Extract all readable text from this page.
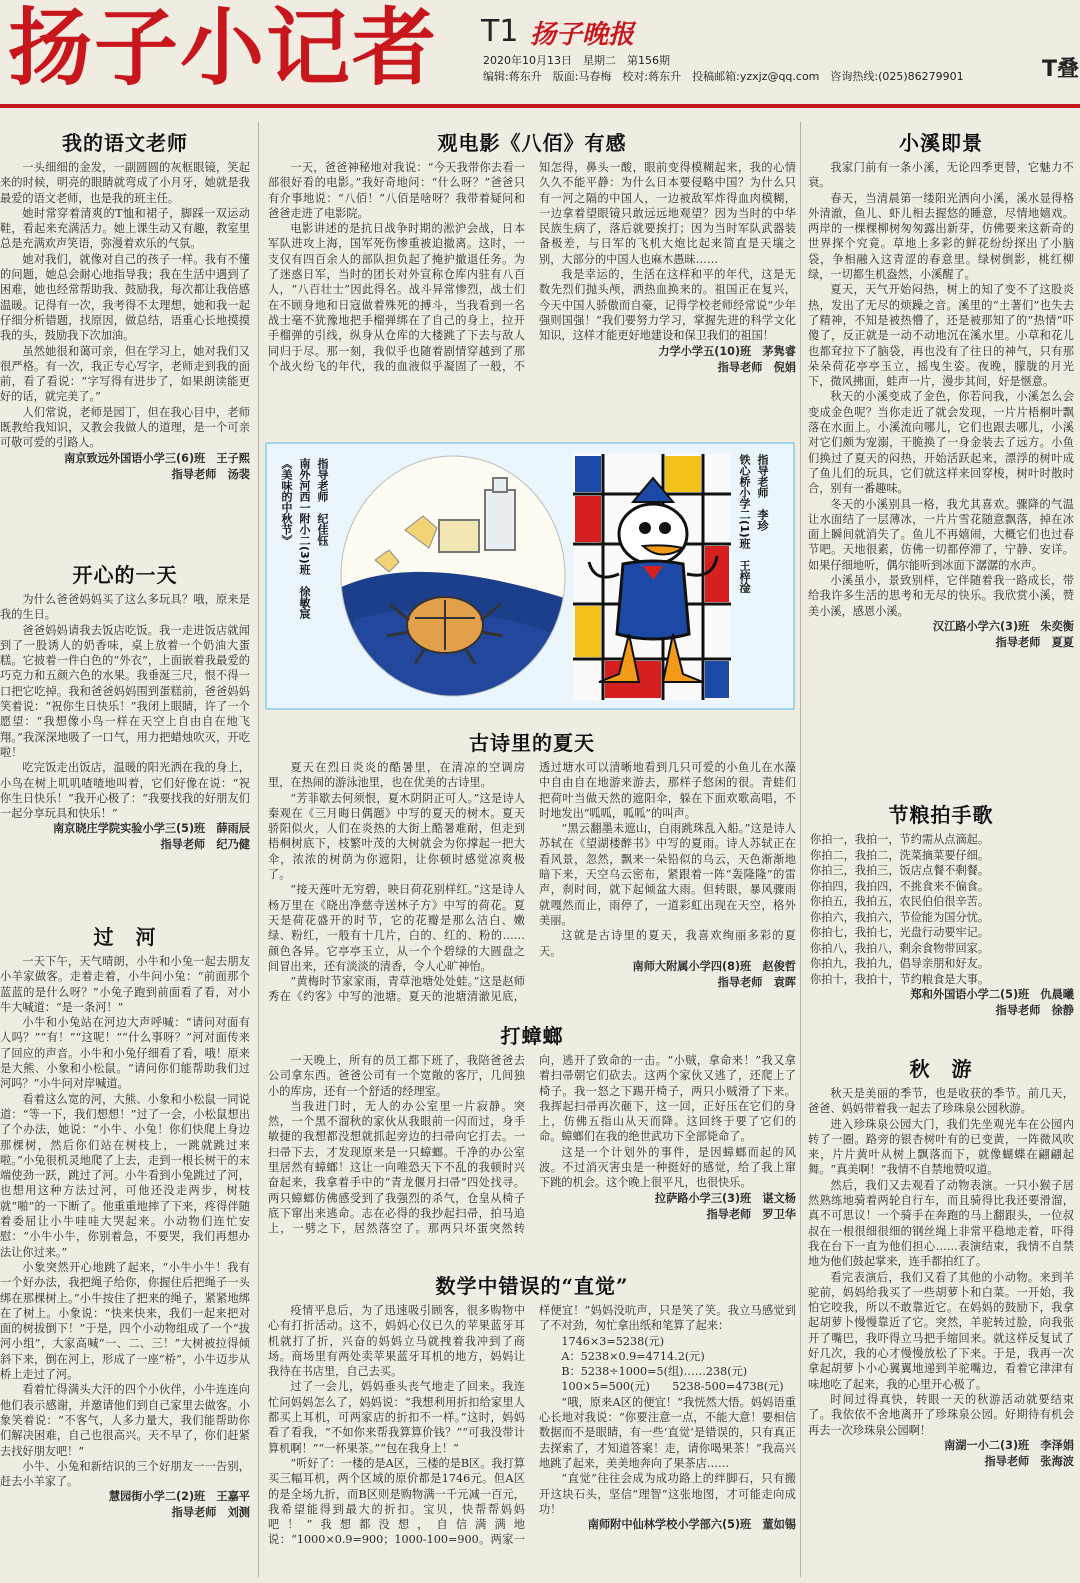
扬子小记者 T1 扬子晚报
2020年10月13日　星期二　第156期
编辑:蒋东升　版面:马春梅　校对:蒋东升　投稿邮箱:yzxjz@qq.com　咨询热线:(025)86279901	T叠
我的语文老师

一头细细的金发，一副圆圆的灰框眼镜，笑起来的时候，明亮的眼睛就弯成了小月牙，她就是我最爱的语文老师，也是我的班主任。

她时常穿着清爽的T恤和裙子，脚踩一双运动鞋，看起来充满活力。她上课生动又有趣，教室里总是充满欢声笑语，弥漫着欢乐的气氛。

她对我们，就像对自己的孩子一样。我有不懂的问题，她总会耐心地指导我；我在生活中遇到了困难，她也经常帮助我、鼓励我，每次都让我倍感温暖。记得有一次，我考得不太理想，她和我一起仔细分析错题，找原因，做总结，语重心长地摸摸我的头，鼓励我下次加油。

虽然她很和蔼可亲，但在学习上，她对我们又很严格。有一次，我正专心写字，老师走到我的面前，看了看说：“字写得有进步了，如果朗读能更好的话，就完美了。”

人们常说，老师是园丁，但在我心目中，老师既教给我知识，又教会我做人的道理，是一个可亲可敬可爱的引路人。

南京致远外国语小学三(6)班　王子熙

指导老师　汤裴

开心的一天

为什么爸爸妈妈买了这么多玩具？哦，原来是我的生日。

爸爸妈妈请我去饭店吃饭。我一走进饭店就闻到了一股诱人的奶香味，桌上放着一个奶油大蛋糕。它披着一件白色的“外衣”，上面嵌着我最爱的巧克力和五颜六色的水果。我垂涎三尺，恨不得一口把它吃掉。我和爸爸妈妈围到蛋糕前，爸爸妈妈笑着说：“祝你生日快乐！”我闭上眼睛，许了一个愿望：“我想像小鸟一样在天空上自由自在地飞翔。”我深深地吸了一口气，用力把蜡烛吹灭，开吃啦！

吃完饭走出饭店，温暖的阳光洒在我的身上，小鸟在树上叽叽喳喳地叫着，它们好像在说：“祝你生日快乐！”我开心极了：“我要找我的好朋友们一起分享玩具和快乐！”

南京晓庄学院实验小学三(5)班　薛雨辰

指导老师　纪乃健

过　河

一天下午，天气晴朗，小牛和小兔一起去朋友小羊家做客。走着走着，小牛问小兔：“前面那个蓝蓝的是什么呀？”小兔子跑到前面看了看，对小牛大喊道：“是一条河！”

小牛和小兔站在河边大声呼喊：“请问对面有人吗？”“有！”“这呢！”“什么事呀？”河对面传来了回应的声音。小牛和小兔仔细看了看，哦！原来是大熊、小象和小松鼠。“请问你们能帮助我们过河吗？”小牛问对岸喊道。

看着这么宽的河，大熊、小象和小松鼠一同说道：“等一下，我们想想！”过了一会，小松鼠想出了个办法，她说：“小牛、小兔！你们快爬上身边那棵树，然后你们站在树枝上，一跳就跳过来啦。”小兔很机灵地爬了上去，走到一根长树干的末端使劲一跃，跳过了河。小牛看到小兔跳过了河，也想用这种方法过河，可他还没走两步，树枝就“啪”的一下断了。他重重地摔了下来，疼得伴随着委屈让小牛哇哇大哭起来。小动物们连忙安慰：“小牛小牛，你别着急，不要哭，我们再想办法让你过来。”

小象突然开心地跳了起来，“小牛小牛！我有一个好办法，我把绳子给你，你握住后把绳子一头绑在那棵树上。”小牛按住了把来的绳子，紧紧地绑在了树上。小象说：“快来快来，我们一起来把对面的树拔倒下！”于是，四个小动物组成了一个“拔河小组”，大家高喊“一、二、三！”大树被拉得倾斜下来，倒在河上，形成了一座“桥”，小牛迈步从桥上走过了河。

看着忙得满头大汗的四个小伙伴，小牛连连向他们表示感谢，并邀请他们到自己家里去做客。小象笑着说：“不客气，人多力量大，我们能帮助你们解决困难，自己也很高兴。天不早了，你们赶紧去找好朋友吧！”

小牛、小兔和新结识的三个好朋友一一告别，赶去小羊家了。

慧园街小学二(2)班　王嘉平

指导老师　刘测

观电影《八佰》有感

一天，爸爸神秘地对我说：“今天我带你去看一部很好看的电影。”我好奇地问：“什么呀？”爸爸只有介事地说：“八佰！”八佰是啥呀？我带着疑问和爸爸走进了电影院。

电影讲述的是抗日战争时期的淞沪会战，日本军队进攻上海，国军死伤惨重被迫撤离。这时，一支仅有四百余人的部队担负起了掩护撤退任务。为了迷惑日军，当时的团长对外宣称仓库内驻有八百人，“八百壮士”因此得名。战斗异常惨烈，战士们在不顾身地和日寇做着殊死的搏斗，当我看到一名战士毫不犹豫地把手榴弹绑在了自己的身上，拉开手榴弹的引线，纵身从仓库的大楼跳了下去与敌人同归于尽。那一刻，我似乎也随着剧情穿越到了那个战火纷飞的年代，我的血液似乎凝固了一般，不知怎得，鼻头一酸，眼前变得模糊起来，我的心情久久不能平静：为什么日本要侵略中国？为什么只有一河之隔的中国人，一边被敌军炸得血肉模糊，一边拿着望眼镜只敢远远地观望？因为当时的中华民族生病了，落后就要挨打；因为当时军队武器装备极差，与日军的飞机大炮比起来简直是天壤之别，大部分的中国人也麻木愚昧……

我是幸运的，生活在这样和平的年代，这是无数先烈们抛头颅，洒热血换来的。祖国正在复兴，今天中国人骄傲而自豪，记得学校老师经常说“少年强则国强！”我们要努力学习，掌握先进的科学文化知识，这样才能更好地建设和保卫我们的祖国！

力学小学五(10)班　茅隽睿

指导老师　倪娟

《美味的中秋节》 南外河西一附小二(3)班　徐敏宸 指导老师　纪佳钰	指导老师　李珍
铁心桥小学二(1)班　王梓淦
古诗里的夏天

夏天在烈日炎炎的酷暑里，在清凉的空调房里，在热闹的游泳池里，也在优美的古诗里。

“芳菲歇去何须恨，夏木阴阴正可人。”这是诗人秦观在《三月晦日偶题》中写的夏天的树木。夏天骄阳似火，人们在炎热的大街上酷暑难耐，但走到梧桐树底下，枝繁叶茂的大树就会为你撑起一把大伞，浓浓的树荫为你遮阳，让你顿时感觉凉爽极了。

“接天莲叶无穷碧，映日荷花别样红。”这是诗人杨万里在《晓出净慈寺送林子方》中写的荷花。夏天是荷花盛开的时节，它的花瓣是那么洁白、嫩绿、粉红，一般有十几片，白的、红的、粉的……颜色各异。它亭亭玉立，从一个个碧绿的大圆盘之间冒出来，还有淡淡的清香，令人心旷神怡。

“黄梅时节家家雨，青草池塘处处蛙。”这是赵师秀在《约客》中写的池塘。夏天的池塘清澈见底，透过塘水可以清晰地看到几只可爱的小鱼儿在水藻中自由自在地游来游去，那样子悠闲的很。青蛙们把荷叶当做天然的遮阳伞，躲在下面欢歌高唱，不时地发出“呱呱，呱呱”的叫声。

“黑云翻墨未遮山，白雨跳珠乱入船。”这是诗人苏轼在《望湖楼醉书》中写的夏雨。诗人苏轼正在看风景，忽然，飘来一朵铅似的乌云，天色渐渐地暗下来，天空乌云密布，紧跟着一阵“轰隆隆”的雷声，刹时间，就下起倾盆大雨。但转眼，暴风骤雨就嘎然而止，雨停了，一道彩虹出现在天空，格外美丽。

这就是古诗里的夏天，我喜欢绚丽多彩的夏天。

南师大附属小学四(8)班　赵俊哲

指导老师　袁晖

打蟑螂

一天晚上，所有的员工都下班了，我陪爸爸去公司拿东西。爸爸公司有一个宽敞的客厅，几间独小的库房，还有一个舒适的经理室。

当我进门时，无人的办公室里一片寂静。突然，一个黑不溜秋的家伙从我眼前一闪而过，身手敏捷的我想都没想就抓起旁边的扫帚向它打去。一扫帚下去，才发现原来是一只蟑螂。千净的办公室里居然有蟑螂！这让一向唯恐天下不乱的我顿时兴奋起来，我拿着手中的“青龙偃月扫帚”四处找寻。两只蟑螂仿佛感受到了我强烈的杀气，仓皇从椅子底下窜出来逃命。志在必得的我抄起扫帚，拍马追上，一劈之下，居然落空了。那两只坏蛋突然转向，逃开了致命的一击。“小贼，拿命来！”我又拿着扫帚朝它们砍去。这两个家伙又逃了，还爬上了椅子。我一怒之下踢开椅子，两只小贼滑了下来。我挥起扫帚再次砸下，这一回，正好压在它们的身上，仿佛五指山从天而降。这回终于要了它们的命。蟑螂们在我的绝世武功下全部毙命了。

这是一个计划外的事件，是因蟑螂而起的风波。不过消灭害虫是一种挺好的感觉，给了我上窜下跳的机会。这个晚上很平凡，也很快乐。

拉萨路小学三(3)班　谌文杨

指导老师　罗卫华

数学中错误的“直觉”

疫情平息后，为了迅速吸引顾客，很多购物中心有打折活动。这不，妈妈心仪已久的苹果蓝牙耳机就打了折，兴奋的妈妈立马就拽着我冲到了商场。商场里有两处卖苹果蓝牙耳机的地方，妈妈让我待在书店里，自己去买。

过了一会儿，妈妈垂头丧气地走了回来。我连忙问妈妈怎么了，妈妈说：“我想利用折扣给家里人都买上耳机，可两家店的折扣不一样。”这时，妈妈看了看我，“不如你来帮我算算价钱？”“可我没带计算机啊！”“一杯果茶。”“包在我身上！”

“听好了：一楼的是A区，三楼的是B区。我打算买三幅耳机，两个区域的原价都是1746元。但A区的是全场九折，而B区则是购物满一千元减一百元，我希望能得到最大的折扣。宝贝，快帮帮妈妈吧！”我想都没想，自信满满地说：“1000×0.9=900；1000-100=900。两家一样便宜！”妈妈没吭声，只是笑了笑。我立马感觉到了不对劲，匆忙拿出纸和笔算了起来：

1746×3=5238(元)
A：5238×0.9=4714.2(元)
B：5238÷1000=5(组)……238(元)
100×5=500(元)　　5238-500=4738(元)

“哦，原来A区的便宜！”我恍然大悟。妈妈语重心长地对我说：“你要注意一点，不能大意！要相信数据而不是眼睛，有一些‘直觉’是错误的，只有真正去探索了，才知道答案！走，请你喝果茶！”我高兴地跳了起来，美美地奔向了果茶店……

“直觉”往往会成为成功路上的绊脚石，只有搬开这块石头，坚信“理智”这张地图，才可能走向成功！

南师附中仙林学校小学部六(5)班　董如锡

小溪即景

我家门前有一条小溪，无论四季更替，它魅力不衰。

春天，当清晨第一缕阳光洒向小溪，溪水显得格外清澈，鱼儿、虾儿相去握悠的睡意，尽情地嬉戏。两岸的一棵棵柳树匆匆露出新芽，仿佛要来这新奇的世界探个究竟。草地上多彩的鲜花纷纷探出了小脑袋，争相融入这青涩的春意里。绿树倒影，桃红柳绿，一切都生机盎然，小溪醒了。

夏天，天气开始闷热，树上的知了变不了这股炎热，发出了无尽的烦躁之音。溪里的“土著们”也失去了精神，不知是被热懵了，还是被那知了的“热情”吓傻了，反正就是一动不动地沉在溪水里。小草和花儿也都耷拉下了脑袋，再也没有了往日的神气，只有那朵朵荷花亭亭玉立，摇曳生姿。夜晚，朦胧的月光下，微风拂面，蛙声一片，漫步其间，好是惬意。

秋天的小溪变成了金色，你若问我，小溪怎么会变成金色呢？当你走近了就会发现，一片片梧桐叶飘落在水面上。小溪流向哪儿，它们也跟去哪儿，小溪对它们颇为宠溺，干脆换了一身金装去了远方。小鱼们换过了夏天的闷热，开始活跃起来，漂浮的树叶成了鱼儿们的玩具，它们就这样来回穿梭，树叶时散时合，别有一番趣味。

冬天的小溪别具一格，我尤其喜欢。骤降的气温让水面结了一层薄冰，一片片雪花随意飘落，掉在冰面上瞬间就消失了。鱼儿不再嬉闹，大概它们也过春节吧。天地很素，仿佛一切都停滞了，宁静、安详。如果仔细地听，偶尔能听到冰面下潺潺的水声。

小溪虽小，景致别样，它伴随着我一路成长，带给我许多生活的思考和无尽的快乐。我欣赏小溪，赞美小溪，感恩小溪。

汉江路小学六(3)班　朱奕衡

指导老师　夏夏

节粮拍手歌
你拍一，我拍一，节约需从点滴起。
你拍二，我拍二，洗菜摘菜要仔细。
你拍三，我拍三，饭店点餐不剩餐。
你拍四，我拍四，不挑食来不偏食。
你拍五，我拍五，农民伯伯很辛苦。
你拍六，我拍六，节俭能为国分忧。
你拍七，我拍七，光盘行动要牢记。
你拍八，我拍八，剩余食物带回家。
你拍九，我拍九，倡导亲朋和好友。
你拍十，我拍十，节约粮食是大事。

郑和外国语小学二(5)班　仇晨曦

指导老师　徐静

秋　游

秋天是美丽的季节，也是收获的季节。前几天，爸爸、妈妈带着我一起去了珍珠泉公园秋游。

进入珍珠泉公园大门，我们先坐观光车在公园内转了一圈。路旁的银杏树叶有的已变黄，一阵微风吹来，片片黄叶从树上飘落而下，就像蝴蝶在翩翩起舞。“真美啊！”我情不自禁地赞叹道。

然后，我们又去观看了动物表演。一只小猴子居然熟练地骑着两轮自行车，而且骑得比我还要滑溜，真不可思议！一个骑手在奔跑的马上翻跟头，一位叔叔在一根很细很细的钢丝绳上非常平稳地走着，吓得我在台下一直为他们担心……表演结束，我情不自禁地为他们鼓起掌来，连手都拍红了。

看完表演后，我们又看了其他的小动物。来到羊驼前，妈妈给我买了一些胡萝卜和白菜。一开始，我怕它咬我，所以不敢靠近它。在妈妈的鼓励下，我拿起胡萝卜慢慢靠近了它。突然，羊驼转过脸，向我张开了嘴巴，我吓得立马把手缩回来。就这样反复试了好几次，我的心才慢慢放松了下来。于是，我再一次拿起胡萝卜小心翼翼地递到羊驼嘴边，看着它津津有味地吃了起来，我的心里开心极了。

时间过得真快，转眼一天的秋游活动就要结束了。我依依不舍地离开了珍珠泉公园。好期待有机会再去一次珍珠泉公园啊！

南湖一小二(3)班　李泽娟

指导老师　张海波
